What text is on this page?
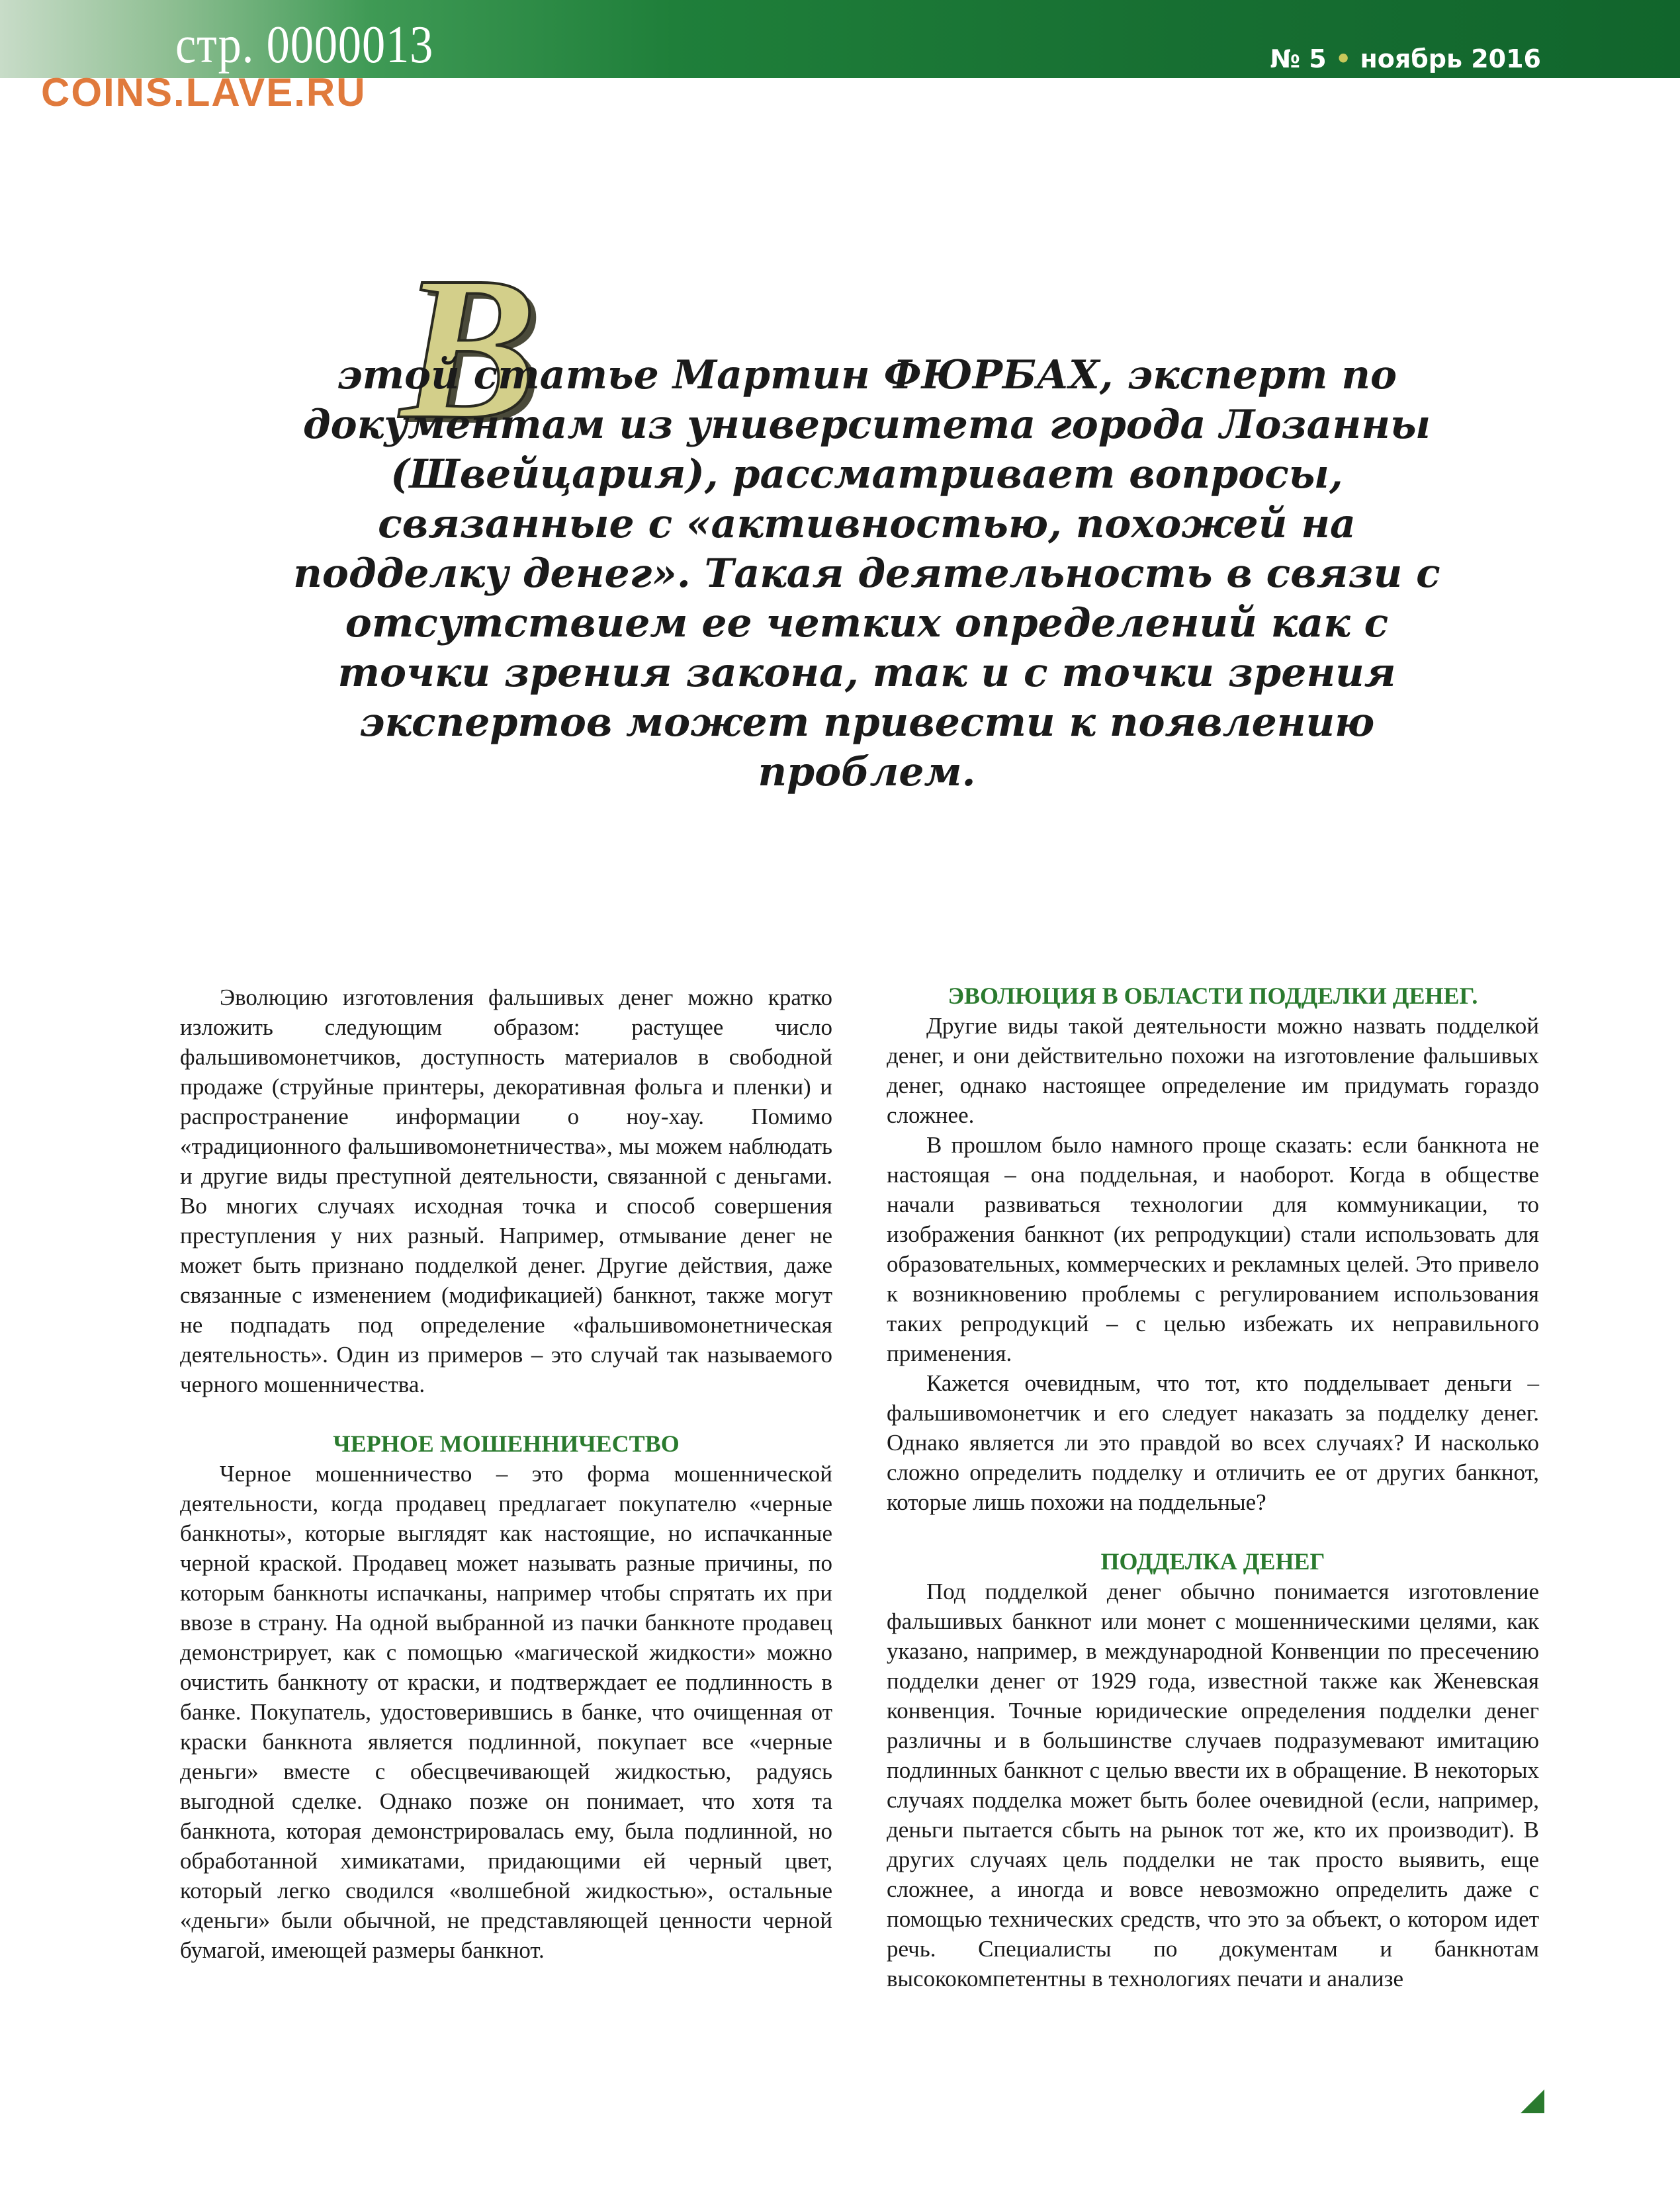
стр. 0000013
COINS.LAVE.RU
№ 5 • ноябрь 2016
В

этой статье Мартин ФЮРБАХ, эксперт по документам из университета города Лозанны (Швейцария), рассматривает вопросы, связанные с «активностью, похожей на подделку денег». Такая деятельность в связи с отсутствием ее четких определений как с точки зрения закона, так и с точки зрения экспертов может привести к появлению проблем.

Эволюцию изготовления фальшивых денег можно кратко изложить следующим образом: растущее число фальшивомонетчиков, доступность материалов в свободной продаже (струйные принтеры, декоративная фольга и пленки) и распространение информации о ноу-хау. Помимо «традиционного фальшивомонетничества», мы можем наблюдать и другие виды преступной деятельности, связанной с деньгами. Во многих случаях исходная точка и способ совершения преступления у них разный. Например, отмывание денег не может быть признано подделкой денег. Другие действия, даже связанные с изменением (модификацией) банкнот, также могут не подпадать под определение «фальшивомонетническая деятельность». Один из примеров – это случай так называемого черного мошенничества.

ЧЕРНОЕ МОШЕННИЧЕСТВО

Черное мошенничество – это форма мошеннической деятельности, когда продавец предлагает покупателю «черные банкноты», которые выглядят как настоящие, но испачканные черной краской. Продавец может называть разные причины, по которым банкноты испачканы, например чтобы спрятать их при ввозе в страну. На одной выбранной из пачки банкноте продавец демонстрирует, как с помощью «магической жидкости» можно очистить банкноту от краски, и подтверждает ее подлинность в банке. Покупатель, удостоверившись в банке, что очищенная от краски банкнота является подлинной, покупает все «черные деньги» вместе с обесцвечивающей жидкостью, радуясь выгодной сделке. Однако позже он понимает, что хотя та банкнота, которая демонстрировалась ему, была подлинной, но обработанной химикатами, придающими ей черный цвет, который легко сводился «волшебной жидкостью», остальные «деньги» были обычной, не представляющей ценности черной бумагой, имеющей размеры банкнот.

ЭВОЛЮЦИЯ В ОБЛАСТИ ПОДДЕЛКИ ДЕНЕГ.

Другие виды такой деятельности можно назвать подделкой денег, и они действительно похожи на изготовление фальшивых денег, однако настоящее определение им придумать гораздо сложнее.

В прошлом было намного проще сказать: если банкнота не настоящая – она поддельная, и наоборот. Когда в обществе начали развиваться технологии для коммуникации, то изображения банкнот (их репродукции) стали использовать для образовательных, коммерческих и рекламных целей. Это привело к возникновению проблемы с регулированием использования таких репродукций – с целью избежать их неправильного применения.

Кажется очевидным, что тот, кто подделывает деньги – фальшивомонетчик и его следует наказать за подделку денег. Однако является ли это правдой во всех случаях? И насколько сложно определить подделку и отличить ее от других банкнот, которые лишь похожи на поддельные?

ПОДДЕЛКА ДЕНЕГ

Под подделкой денег обычно понимается изготовление фальшивых банкнот или монет с мошенническими целями, как указано, например, в международной Конвенции по пресечению подделки денег от 1929 года, известной также как Женевская конвенция. Точные юридические определения подделки денег различны и в большинстве случаев подразумевают имитацию подлинных банкнот с целью ввести их в обращение. В некоторых случаях подделка может быть более очевидной (если, например, деньги пытается сбыть на рынок тот же, кто их производит). В других случаях цель подделки не так просто выявить, еще сложнее, а иногда и вовсе невозможно определить даже с помощью технических средств, что это за объект, о котором идет речь. Специалисты по документам и банкнотам высококомпетентны в технологиях печати и анализе
